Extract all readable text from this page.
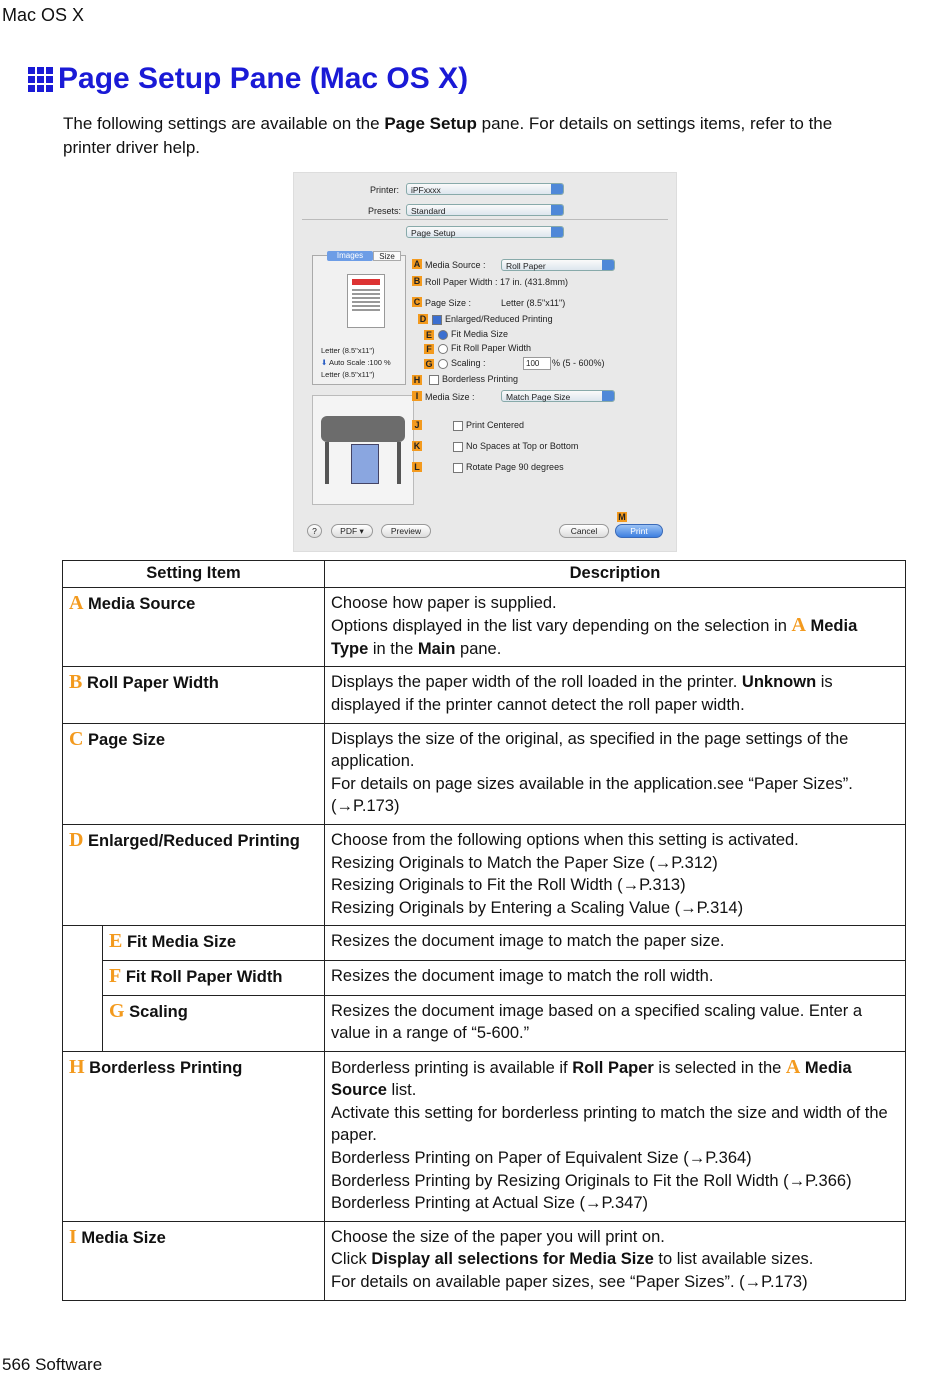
Mac OS X
Page Setup Pane (Mac OS X)
The following settings are available on the Page Setup pane. For details on settings items, refer to the printer driver help.
Printer:	iPFxxxx
Presets:	Standard
Page Setup
Images	Size
Letter (8.5"x11")
⬇ Auto Scale :100 %
Letter (8.5"x11")
A Media Source :	Roll Paper
B Roll Paper Width : 17 in. (431.8mm)
C Page Size :	Letter (8.5"x11")
D	Enlarged/Reduced Printing
E	Fit Media Size
F	Fit Roll Paper Width
G	Scaling :	100	% (5 - 600%)
H	Borderless Printing
I Media Size :	Match Page Size
J	Print Centered
K	No Spaces at Top or Bottom
L	Rotate Page 90 degrees
?	PDF ▾	Preview	Cancel
M
Print
Setting Item		Description
A Media Source		Choose how paper is supplied.
Options displayed in the list vary depending on the selection in A Media Type in the Main pane.

B Roll Paper Width		Displays the paper width of the roll loaded in the printer. Unknown is displayed if the printer cannot detect the roll paper width.
C Page Size		Displays the size of the original, as specified in the page settings of the application.
For details on page sizes available in the application.see “Paper Sizes”. (→P.173)

D Enlarged/Reduced Printing		Choose from the following options when this setting is activated.
Resizing Originals to Match the Paper Size (→P.312)
Resizing Originals to Fit the Roll Width (→P.313)
Resizing Originals by Entering a Scaling Value (→P.314)

	E Fit Media Size	Resizes the document image to match the paper size.
	F Fit Roll Paper Width	Resizes the document image to match the roll width.
	G Scaling	Resizes the document image based on a specified scaling value. Enter a value in a range of “5-600.”
H Borderless Printing		Borderless printing is available if Roll Paper is selected in the A Media Source list.
Activate this setting for borderless printing to match the size and width of the paper.
Borderless Printing on Paper of Equivalent Size (→P.364)
Borderless Printing by Resizing Originals to Fit the Roll Width (→P.366)
Borderless Printing at Actual Size (→P.347)

I Media Size		Choose the size of the paper you will print on.
Click Display all selections for Media Size to list available sizes.
For details on available paper sizes, see “Paper Sizes”. (→P.173)
566 Software
